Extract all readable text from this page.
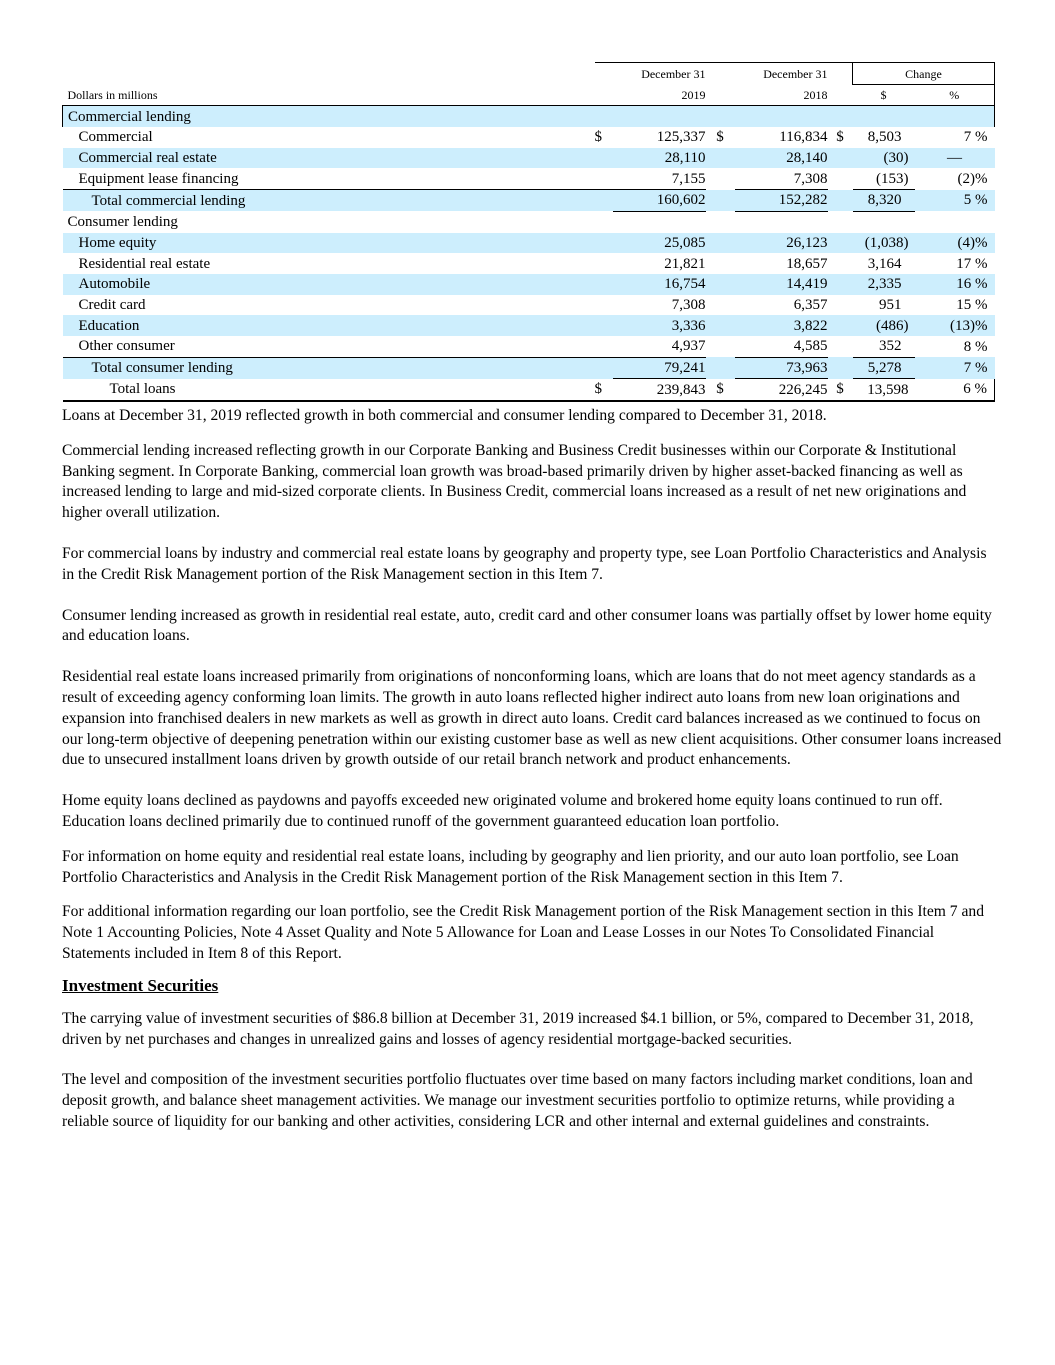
		December 31		December 31		Change	
Dollars in millions		2019		2018		$	%
Commercial lending							
Commercial	$	125,337	$	116,834	$	8,503	7 %
Commercial real estate		28,110		28,140		(30)	—
Equipment lease financing		7,155		7,308		(153)	(2)%
Total commercial lending		160,602		152,282		8,320	5 %
Consumer lending							
Home equity		25,085		26,123		(1,038)	(4)%
Residential real estate		21,821		18,657		3,164	17 %
Automobile		16,754		14,419		2,335	16 %
Credit card		7,308		6,357		951	15 %
Education		3,336		3,822		(486)	(13)%
Other consumer		4,937		4,585		352	8 %
Total consumer lending		79,241		73,963		5,278	7 %
Total loans	$	239,843	$	226,245	$	13,598	6 %

Loans at December 31, 2019 reflected growth in both commercial and consumer lending compared to December 31, 2018.

Commercial lending increased reflecting growth in our Corporate Banking and Business Credit businesses within our Corporate & Institutional Banking segment. In Corporate Banking, commercial loan growth was broad-based primarily driven by higher asset-backed financing as well as increased lending to large and mid-sized corporate clients. In Business Credit, commercial loans increased as a result of net new originations and higher overall utilization.

For commercial loans by industry and commercial real estate loans by geography and property type, see Loan Portfolio Characteristics and Analysis in the Credit Risk Management portion of the Risk Management section in this Item 7.

Consumer lending increased as growth in residential real estate, auto, credit card and other consumer loans was partially offset by lower home equity and education loans.

Residential real estate loans increased primarily from originations of nonconforming loans, which are loans that do not meet agency standards as a result of exceeding agency conforming loan limits. The growth in auto loans reflected higher indirect auto loans from new loan originations and expansion into franchised dealers in new markets as well as growth in direct auto loans. Credit card balances increased as we continued to focus on our long-term objective of deepening penetration within our existing customer base as well as new client acquisitions. Other consumer loans increased due to unsecured installment loans driven by growth outside of our retail branch network and product enhancements.

Home equity loans declined as paydowns and payoffs exceeded new originated volume and brokered home equity loans continued to run off. Education loans declined primarily due to continued runoff of the government guaranteed education loan portfolio.

For information on home equity and residential real estate loans, including by geography and lien priority, and our auto loan portfolio, see Loan Portfolio Characteristics and Analysis in the Credit Risk Management portion of the Risk Management section in this Item 7.

For additional information regarding our loan portfolio, see the Credit Risk Management portion of the Risk Management section in this Item 7 and Note 1 Accounting Policies, Note 4 Asset Quality and Note 5 Allowance for Loan and Lease Losses in our Notes To Consolidated Financial Statements included in Item 8 of this Report.

Investment Securities

The carrying value of investment securities of $86.8 billion at December 31, 2019 increased $4.1 billion, or 5%, compared to December 31, 2018, driven by net purchases and changes in unrealized gains and losses of agency residential mortgage-backed securities.

The level and composition of the investment securities portfolio fluctuates over time based on many factors including market conditions, loan and deposit growth, and balance sheet management activities. We manage our investment securities portfolio to optimize returns, while providing a reliable source of liquidity for our banking and other activities, considering LCR and other internal and external guidelines and constraints.
